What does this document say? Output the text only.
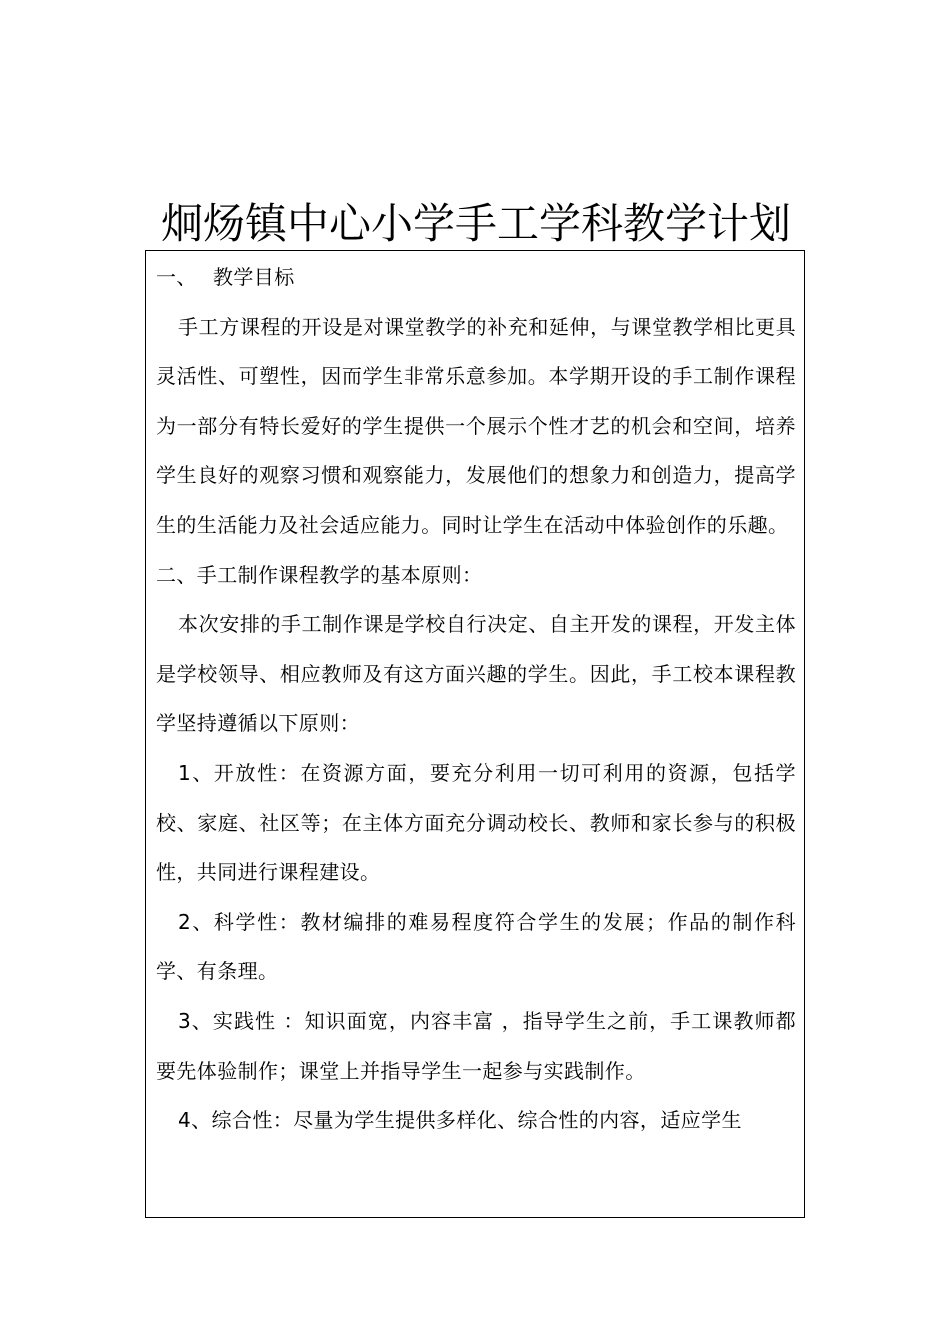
炯炀镇中心小学手工学科教学计划

一、 教学目标

手工方课程的开设是对课堂教学的补充和延伸，与课堂教学相比更具灵活性、可塑性，因而学生非常乐意参加。本学期开设的手工制作课程为一部分有特长爱好的学生提供一个展示个性才艺的机会和空间，培养学生良好的观察习惯和观察能力，发展他们的想象力和创造力，提高学生的生活能力及社会适应能力。同时让学生在活动中体验创作的乐趣。

二、手工制作课程教学的基本原则：

本次安排的手工制作课是学校自行决定、自主开发的课程，开发主体是学校领导、相应教师及有这方面兴趣的学生。因此，手工校本课程教学坚持遵循以下原则：

1、开放性：在资源方面，要充分利用一切可利用的资源，包括学校、家庭、社区等；在主体方面充分调动校长、教师和家长参与的积极性，共同进行课程建设。

2、科学性：教材编排的难易程度符合学生的发展；作品的制作科学、有条理。

3、实践性 ：知识面宽，内容丰富 ，指导学生之前，手工课教师都要先体验制作；课堂上并指导学生一起参与实践制作。

4、综合性：尽量为学生提供多样化、综合性的内容，适应学生
